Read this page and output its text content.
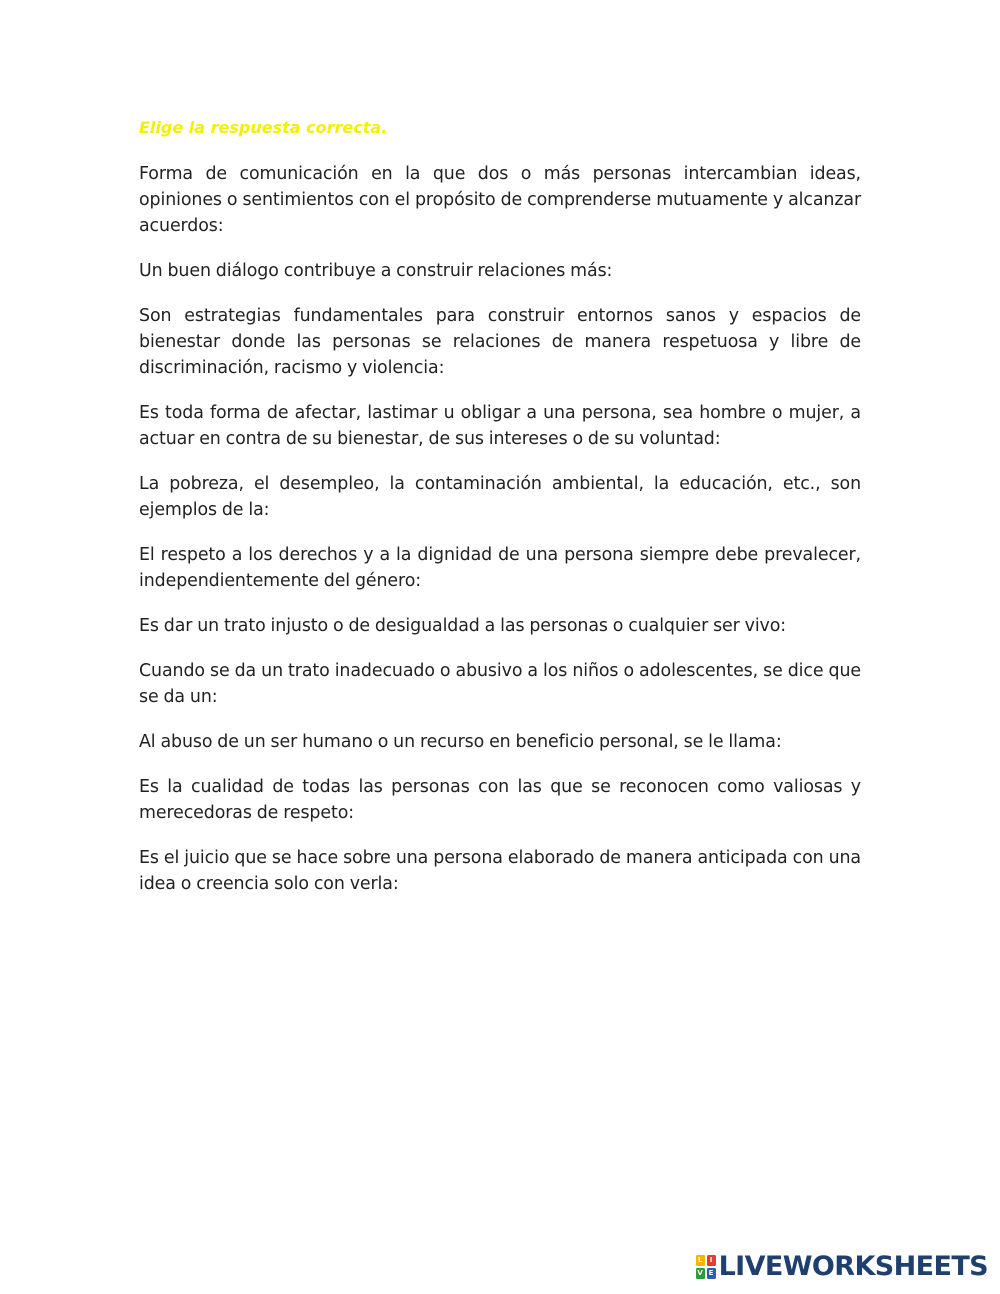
Elige la respuesta correcta.

Forma de comunicación en la que dos o más personas intercambian ideas, opiniones o sentimientos con el propósito de comprenderse mutuamente y alcanzar acuerdos:

Un buen diálogo contribuye a construir relaciones más:

Son estrategias fundamentales para construir entornos sanos y espacios de bienestar donde las personas se relaciones de manera respetuosa y libre de discriminación, racismo y violencia:

Es toda forma de afectar, lastimar u obligar a una persona, sea hombre o mujer, a actuar en contra de su bienestar, de sus intereses o de su voluntad:

La pobreza, el desempleo, la contaminación ambiental, la educación, etc., son ejemplos de la:

El respeto a los derechos y a la dignidad de una persona siempre debe prevalecer, independientemente del género:

Es dar un trato injusto o de desigualdad a las personas o cualquier ser vivo:

Cuando se da un trato inadecuado o abusivo a los niños o adolescentes, se dice que se da un:

Al abuso de un ser humano o un recurso en beneficio personal, se le llama:

Es la cualidad de todas las personas con las que se reconocen como valiosas y merecedoras de respeto:

Es el juicio que se hace sobre una persona elaborado de manera anticipada con una idea o creencia solo con verla:

L	I
V E LIVEWORKSHEETS
